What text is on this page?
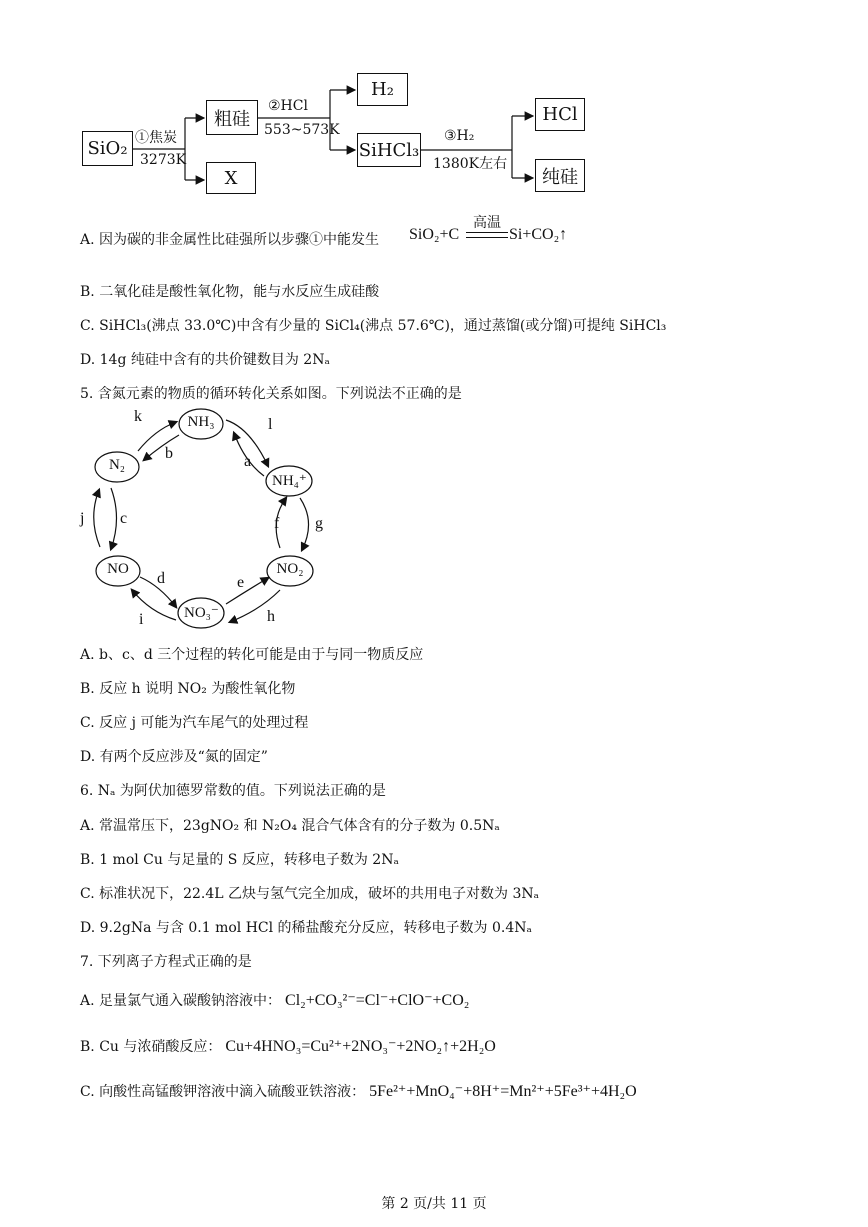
SiO₂
粗硅
X
H₂
SiHCl₃
HCl
纯硅
①焦炭
3273K
②HCl
553~573K	③H₂
1380K左右
A. 因为碳的非金属性比硅强所以步骤①中能发生 SiO₂+C
高温
Si+CO₂↑
B. 二氧化硅是酸性氧化物，能与水反应生成硅酸
C. SiHCl₃(沸点 33.0℃)中含有少量的 SiCl₄(沸点 57.6℃)，通过蒸馏(或分馏)可提纯 SiHCl₃
D. 14g 纯硅中含有的共价键数目为 2Nₐ
5. 含氮元素的物质的循环转化关系如图。下列说法不正确的是
NH₃
N₂
NH₄⁺
NO	NO₂
NO₃⁻
k
b
l
a
j c	f g
d
i
e
h
A. b、c、d 三个过程的转化可能是由于与同一物质反应
B. 反应 h 说明 NO₂ 为酸性氧化物
C. 反应 j 可能为汽车尾气的处理过程
D. 有两个反应涉及“氮的固定”
6. Nₐ 为阿伏加德罗常数的值。下列说法正确的是
A. 常温常压下，23gNO₂ 和 N₂O₄ 混合气体含有的分子数为 0.5Nₐ
B. 1 mol Cu 与足量的 S 反应，转移电子数为 2Nₐ
C. 标准状况下，22.4L 乙炔与氢气完全加成，破坏的共用电子对数为 3Nₐ
D. 9.2gNa 与含 0.1 mol HCl 的稀盐酸充分反应，转移电子数为 0.4Nₐ
7. 下列离子方程式正确的是
A. 足量氯气通入碳酸钠溶液中： Cl₂+CO₃²⁻=Cl⁻+ClO⁻+CO₂
B. Cu 与浓硝酸反应： Cu+4HNO₃=Cu²⁺+2NO₃⁻+2NO₂↑+2H₂O
C. 向酸性高锰酸钾溶液中滴入硫酸亚铁溶液： 5Fe²⁺+MnO₄⁻+8H⁺=Mn²⁺+5Fe³⁺+4H₂O
第 2 页/共 11 页
